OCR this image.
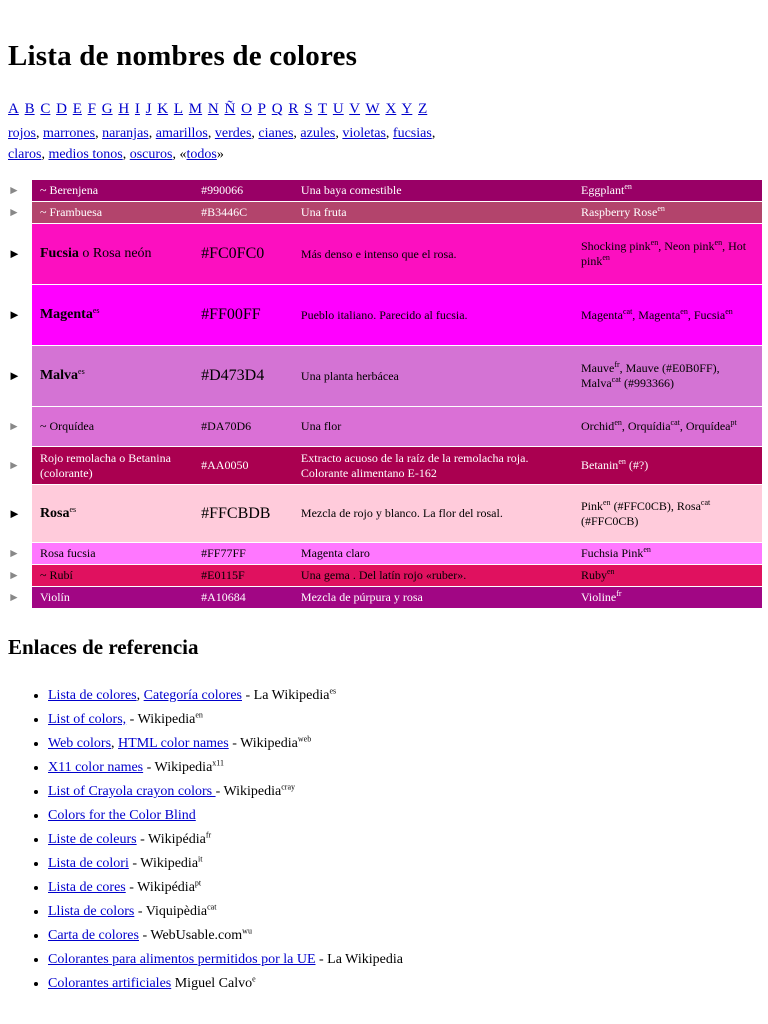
Lista de nombres de colores
A B C D E F G H I J K L M N Ñ O P Q R S T U V W X Y Z
rojos, marrones, naranjas, amarillos, verdes, cianes, azules, violetas, fucsias,
claros, medios tonos, oscuros, «todos»
►	~ Berenjena	#990066	Una baya comestible	Eggplant$^{en}$
►	~ Frambuesa	#B3446C	Una fruta	Raspberry Rose$^{en}$
►	Fucsia o Rosa neón	#FC0FC0	Más denso e intenso que el rosa.	Shocking pink$^{en}$, Neon pink$^{en}$, Hot pink$^{en}$
►	Magenta$^{es}$	#FF00FF	Pueblo italiano. Parecido al fucsia.	Magenta$^{cat}$, Magenta$^{en}$, Fucsia$^{en}$
►	Malva$^{es}$	#D473D4	Una planta herbácea	Mauve$^{fr}$, Mauve (#E0B0FF), Malva$^{cat}$ (#993366)
►	~ Orquídea	#DA70D6	Una flor	Orchid$^{en}$, Orquídia$^{cat}$, Orquídea$^{pt}$
►	Rojo remolacha o Betanina (colorante)	#AA0050	Extracto acuoso de la raíz de la remolacha roja. Colorante alimentano E-162	Betanin$^{en}$ (#?)
►	Rosa$^{es}$	#FFCBDB	Mezcla de rojo y blanco. La flor del rosal.	Pink$^{en}$ (#FFC0CB), Rosa$^{cat}$ (#FFC0CB)
►	Rosa fucsia	#FF77FF	Magenta claro	Fuchsia Pink$^{en}$
►	~ Rubí	#E0115F	Una gema . Del latín rojo «ruber».	Ruby$^{en}$
►	Violín	#A10684	Mezcla de púrpura y rosa	Violine$^{fr}$
Enlaces de referencia
• Lista de colores, Categoría colores - La Wikipedia$^{es}$
• List of colors, - Wikipedia$^{en}$
• Web colors, HTML color names - Wikipedia$^{web}$
• X11 color names - Wikipedia$^{x11}$
• List of Crayola crayon colors - Wikipedia$^{cray}$
• Colors for the Color Blind
• Liste de coleurs - Wikipédia$^{fr}$
• Lista de colori - Wikipedia$^{it}$
• Lista de cores - Wikipédia$^{pt}$
• Llista de colors - Viquipèdia$^{cat}$
• Carta de colores - WebUsable.com$^{wu}$
• Colorantes para alimentos permitidos por la UE - La Wikipedia
• Colorantes artificiales Miguel Calvo$^e$
